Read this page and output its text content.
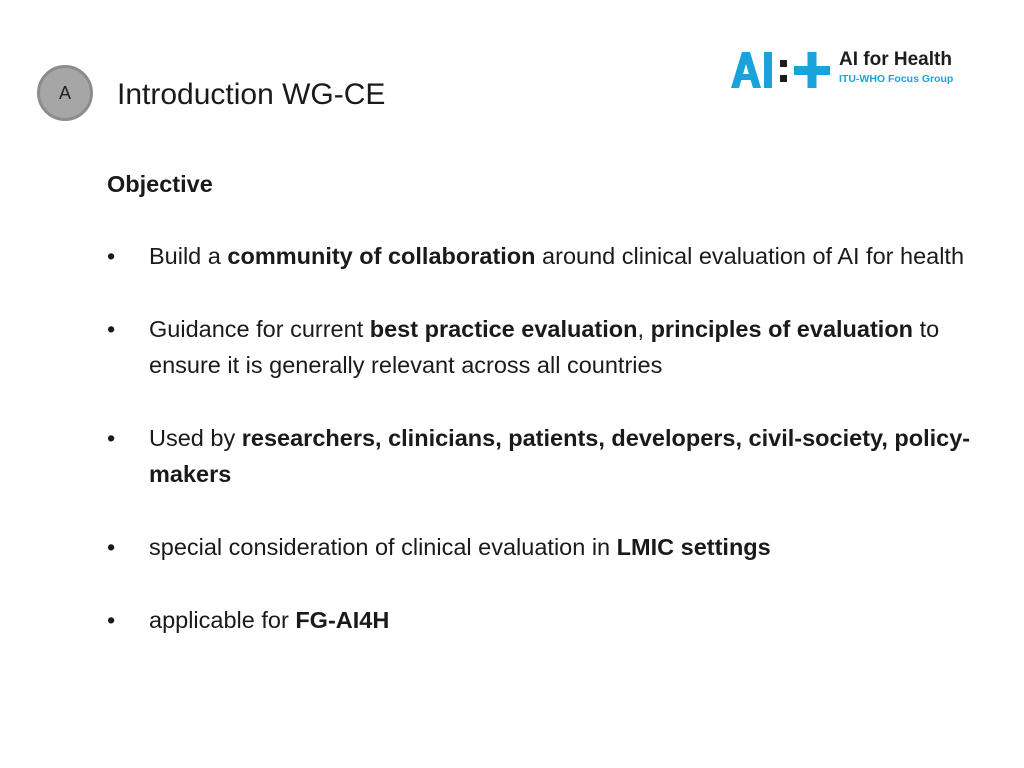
A Introduction WG-CE
AI for Health
ITU-WHO Focus Group
Objective
•	Build a community of collaboration around clinical evaluation of AI for health
•	Guidance for current best practice evaluation, principles of evaluation to ensure it is generally relevant across all countries
•	Used by researchers, clinicians, patients, developers, civil-society, policy-makers
•	special consideration of clinical evaluation in LMIC settings
•	applicable for FG-AI4H
